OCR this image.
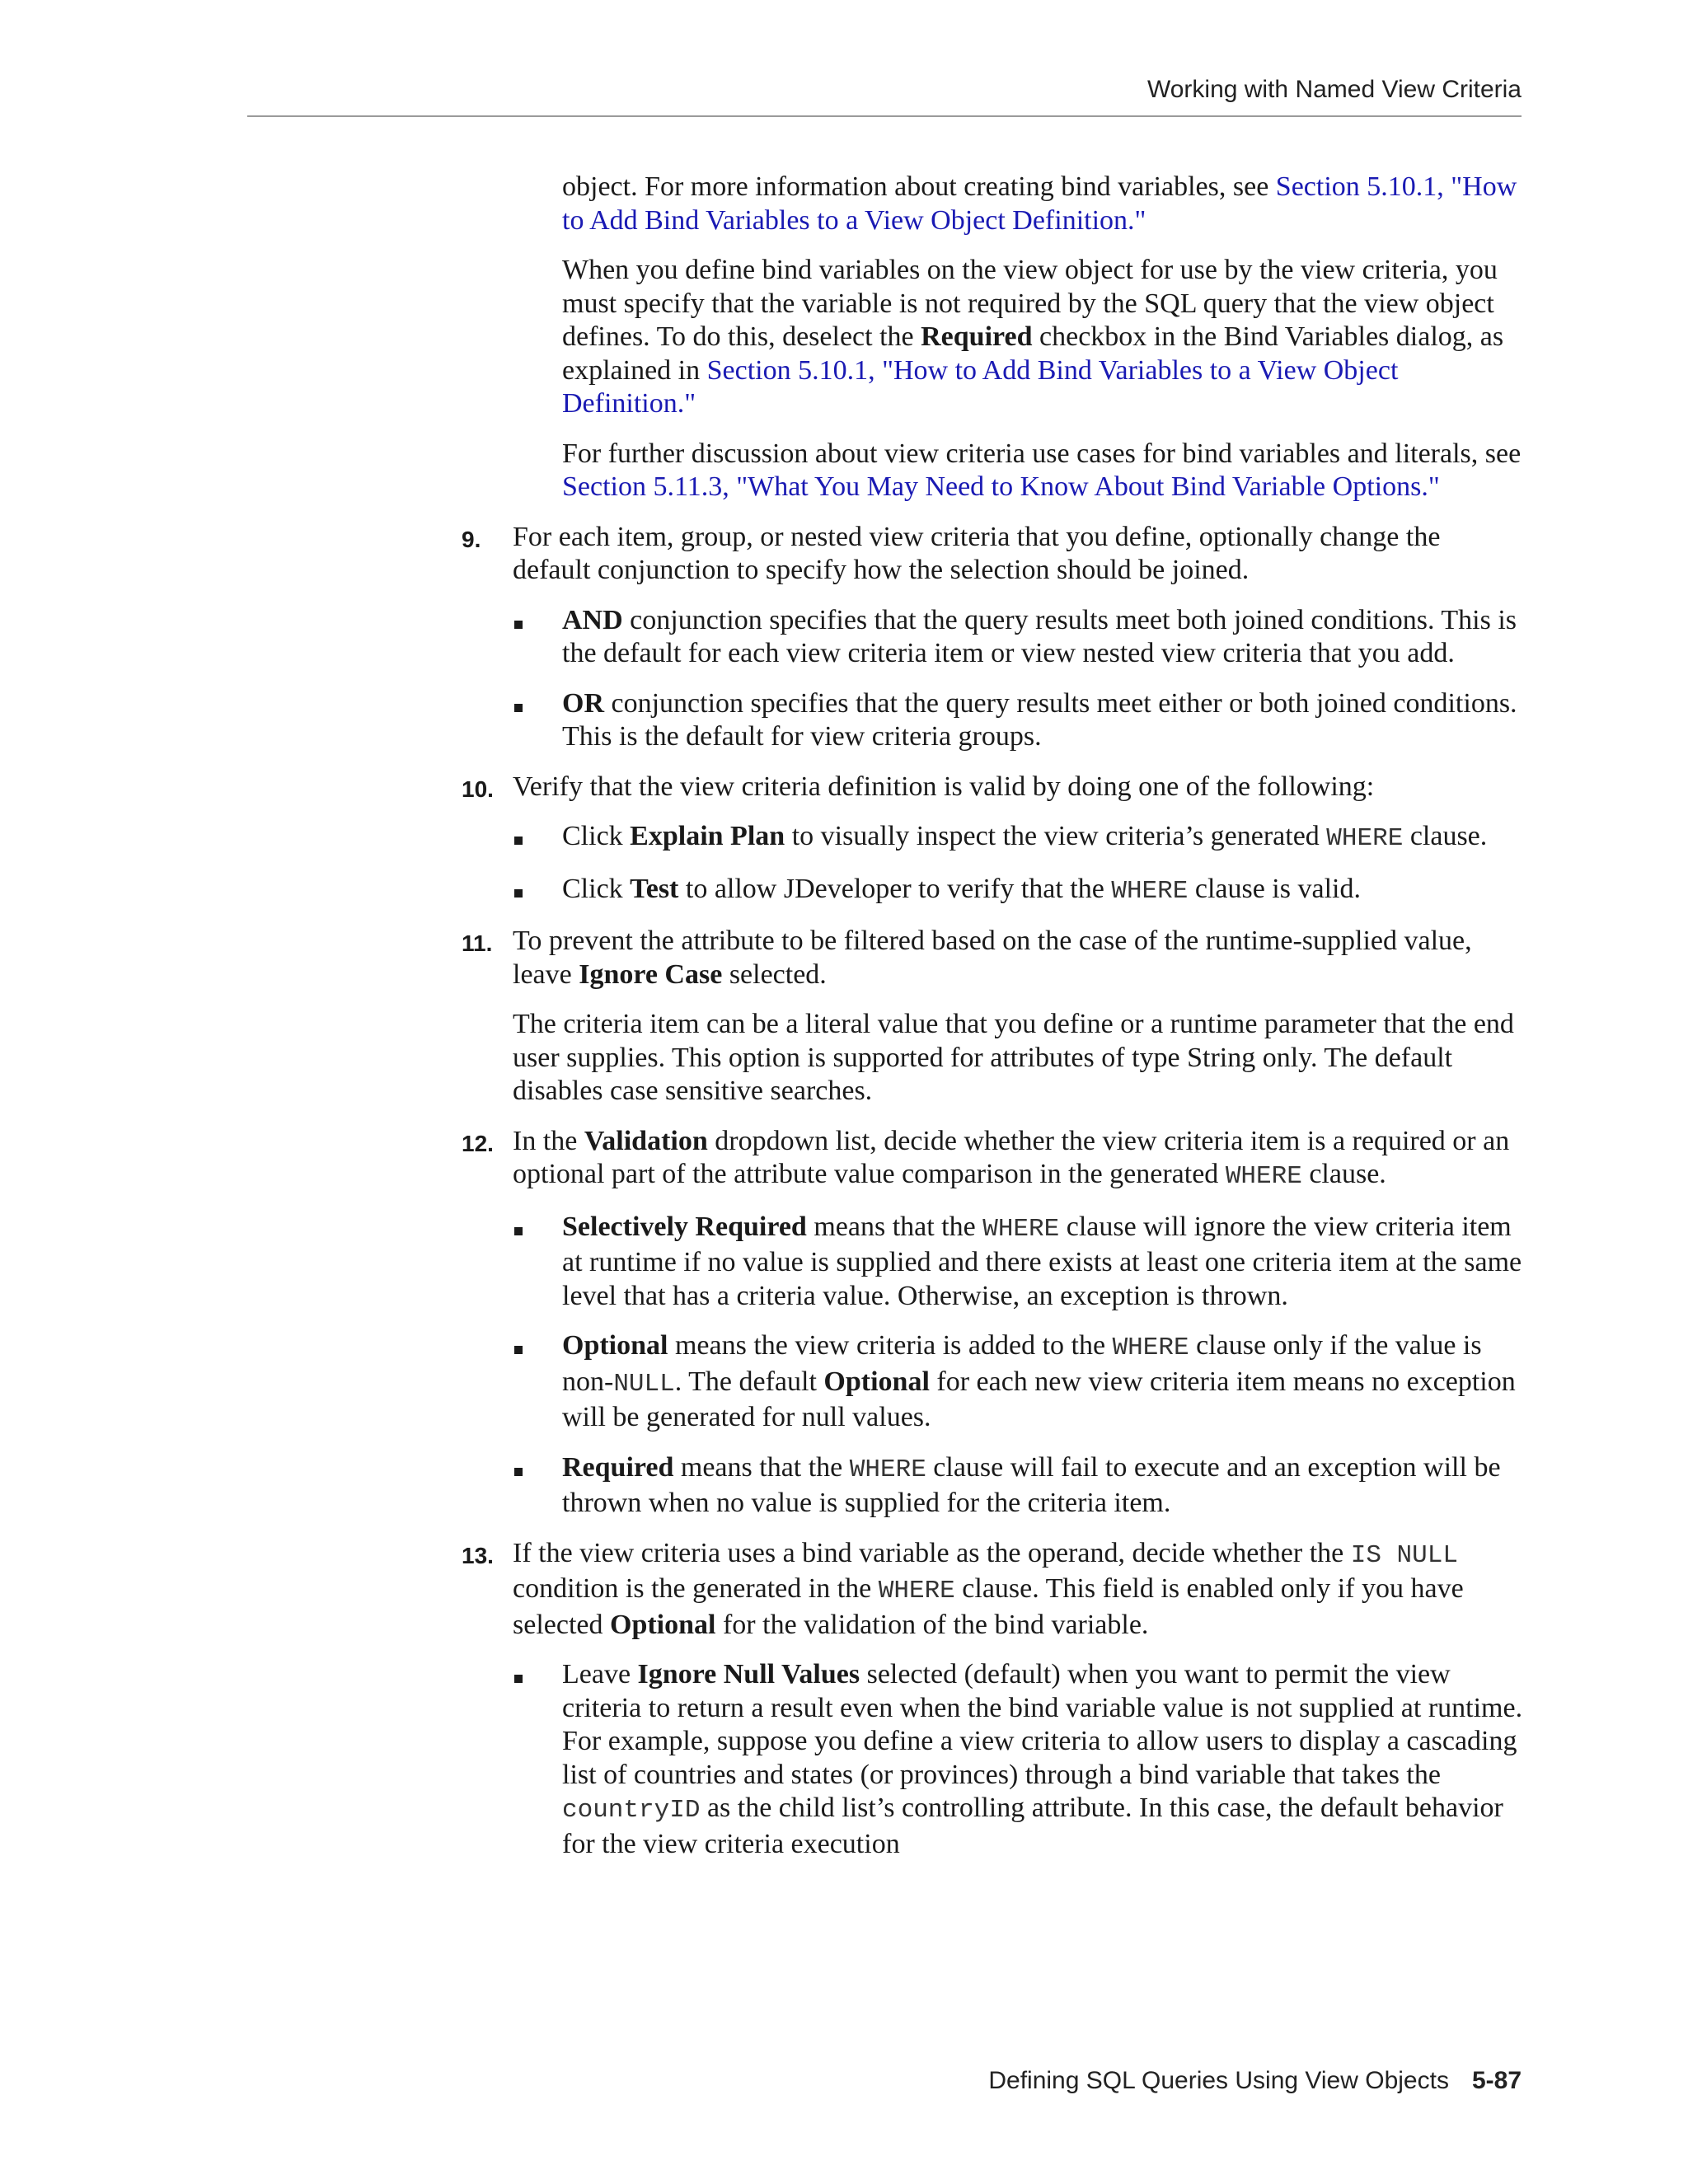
Working with Named View Criteria

object. For more information about creating bind variables, see Section 5.10.1, "How to Add Bind Variables to a View Object Definition."

When you define bind variables on the view object for use by the view criteria, you must specify that the variable is not required by the SQL query that the view object defines. To do this, deselect the Required checkbox in the Bind Variables dialog, as explained in Section 5.10.1, "How to Add Bind Variables to a View Object Definition."

For further discussion about view criteria use cases for bind variables and literals, see Section 5.11.3, "What You May Need to Know About Bind Variable Options."

9. For each item, group, or nested view criteria that you define, optionally change the default conjunction to specify how the selection should be joined.

AND conjunction specifies that the query results meet both joined conditions. This is the default for each view criteria item or view nested view criteria that you add.

OR conjunction specifies that the query results meet either or both joined conditions. This is the default for view criteria groups.

10. Verify that the view criteria definition is valid by doing one of the following:

Click Explain Plan to visually inspect the view criteria’s generated WHERE clause.

Click Test to allow JDeveloper to verify that the WHERE clause is valid.

11. To prevent the attribute to be filtered based on the case of the runtime-supplied value, leave Ignore Case selected.

The criteria item can be a literal value that you define or a runtime parameter that the end user supplies. This option is supported for attributes of type String only. The default disables case sensitive searches.

12. In the Validation dropdown list, decide whether the view criteria item is a required or an optional part of the attribute value comparison in the generated WHERE clause.

Selectively Required means that the WHERE clause will ignore the view criteria item at runtime if no value is supplied and there exists at least one criteria item at the same level that has a criteria value. Otherwise, an exception is thrown.

Optional means the view criteria is added to the WHERE clause only if the value is non-NULL. The default Optional for each new view criteria item means no exception will be generated for null values.

Required means that the WHERE clause will fail to execute and an exception will be thrown when no value is supplied for the criteria item.

13. If the view criteria uses a bind variable as the operand, decide whether the IS NULL condition is the generated in the WHERE clause. This field is enabled only if you have selected Optional for the validation of the bind variable.

Leave Ignore Null Values selected (default) when you want to permit the view criteria to return a result even when the bind variable value is not supplied at runtime. For example, suppose you define a view criteria to allow users to display a cascading list of countries and states (or provinces) through a bind variable that takes the countryID as the child list’s controlling attribute. In this case, the default behavior for the view criteria execution

Defining SQL Queries Using View Objects 5-87
